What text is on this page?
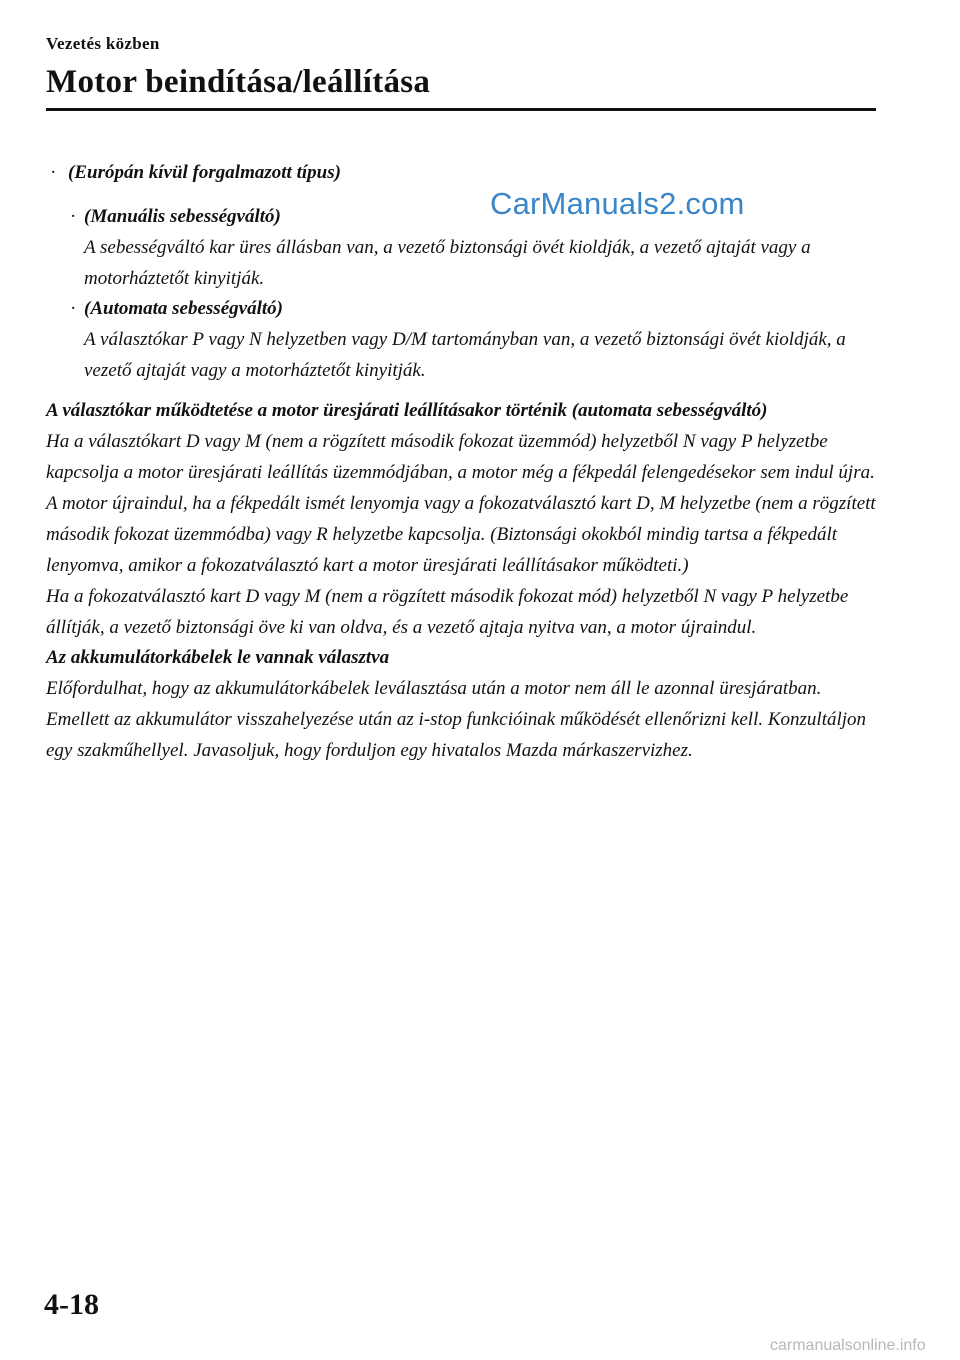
Vezetés közben
Motor beindítása/leállítása
CarManuals2.com
· (Európán kívül forgalmazott típus)
· (Manuális sebességváltó)

A sebességváltó kar üres állásban van, a vezető biztonsági övét kioldják, a vezető ajtaját vagy a motorháztetőt kinyitják.

· (Automata sebességváltó)

A választókar P vagy N helyzetben vagy D/M tartományban van, a vezető biztonsági övét kioldják, a vezető ajtaját vagy a motorháztetőt kinyitják.

A választókar működtetése a motor üresjárati leállításakor történik (automata sebességváltó)

Ha a választókart D vagy M (nem a rögzített második fokozat üzemmód) helyzetből N vagy P helyzetbe kapcsolja a motor üresjárati leállítás üzemmódjában, a motor még a fékpedál felengedésekor sem indul újra. A motor újraindul, ha a fékpedált ismét lenyomja vagy a fokozatválasztó kart D, M helyzetbe (nem a rögzített második fokozat üzemmódba) vagy R helyzetbe kapcsolja. (Biztonsági okokból mindig tartsa a fékpedált lenyomva, amikor a fokozatválasztó kart a motor üresjárati leállításakor működteti.)

Ha a fokozatválasztó kart D vagy M (nem a rögzített második fokozat mód) helyzetből N vagy P helyzetbe állítják, a vezető biztonsági öve ki van oldva, és a vezető ajtaja nyitva van, a motor újraindul.

Az akkumulátorkábelek le vannak választva

Előfordulhat, hogy az akkumulátorkábelek leválasztása után a motor nem áll le azonnal üresjáratban. Emellett az akkumulátor visszahelyezése után az i-stop funkcióinak működését ellenőrizni kell. Konzultáljon egy szakműhellyel. Javasoljuk, hogy forduljon egy hivatalos Mazda márkaszervizhez.

4-18
carmanualsonline.info
